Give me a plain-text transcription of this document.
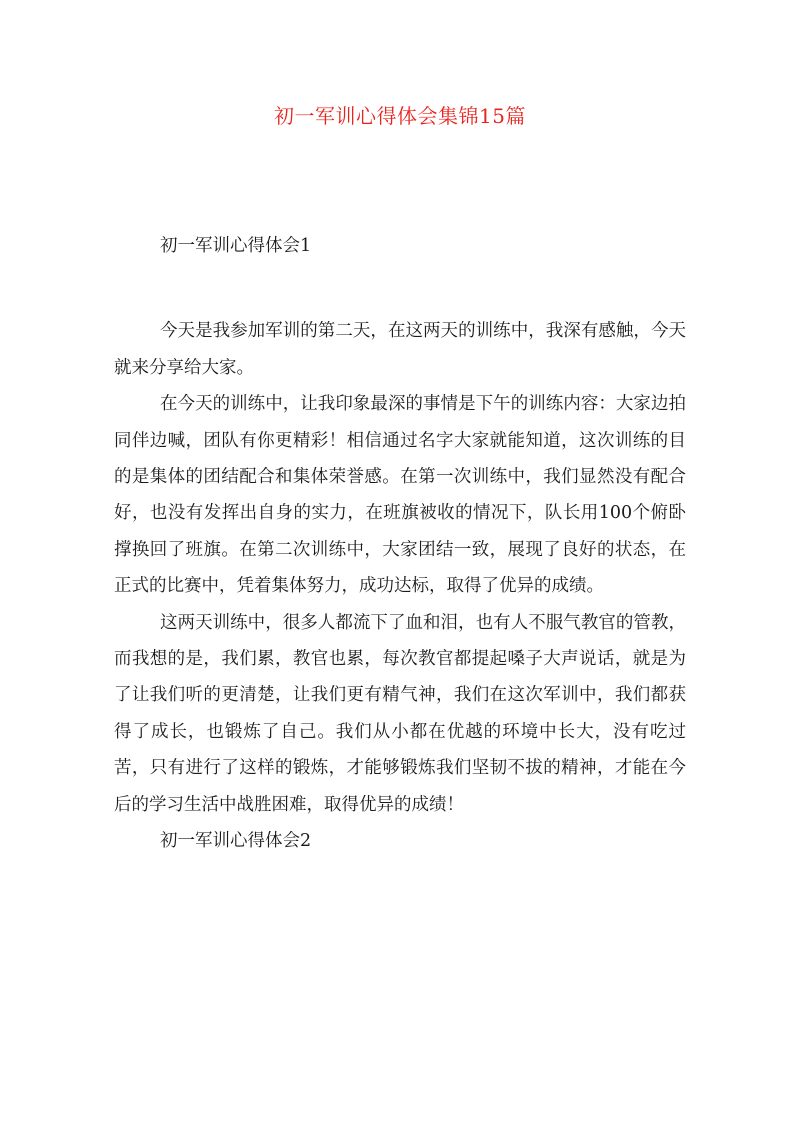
初一军训心得体会集锦15篇

初一军训心得体会1

今天是我参加军训的第二天，在这两天的训练中，我深有感触，今天就来分享给大家。

在今天的训练中，让我印象最深的事情是下午的训练内容：大家边拍同伴边喊，团队有你更精彩！相信通过名字大家就能知道，这次训练的目的是集体的团结配合和集体荣誉感。在第一次训练中，我们显然没有配合好，也没有发挥出自身的实力，在班旗被收的情况下，队长用100个俯卧撑换回了班旗。在第二次训练中，大家团结一致，展现了良好的状态，在正式的比赛中，凭着集体努力，成功达标，取得了优异的成绩。

这两天训练中，很多人都流下了血和泪，也有人不服气教官的管教，而我想的是，我们累，教官也累，每次教官都提起嗓子大声说话，就是为了让我们听的更清楚，让我们更有精气神，我们在这次军训中，我们都获得了成长，也锻炼了自己。我们从小都在优越的环境中长大，没有吃过苦，只有进行了这样的锻炼，才能够锻炼我们坚韧不拔的精神，才能在今后的学习生活中战胜困难，取得优异的成绩！

初一军训心得体会2
